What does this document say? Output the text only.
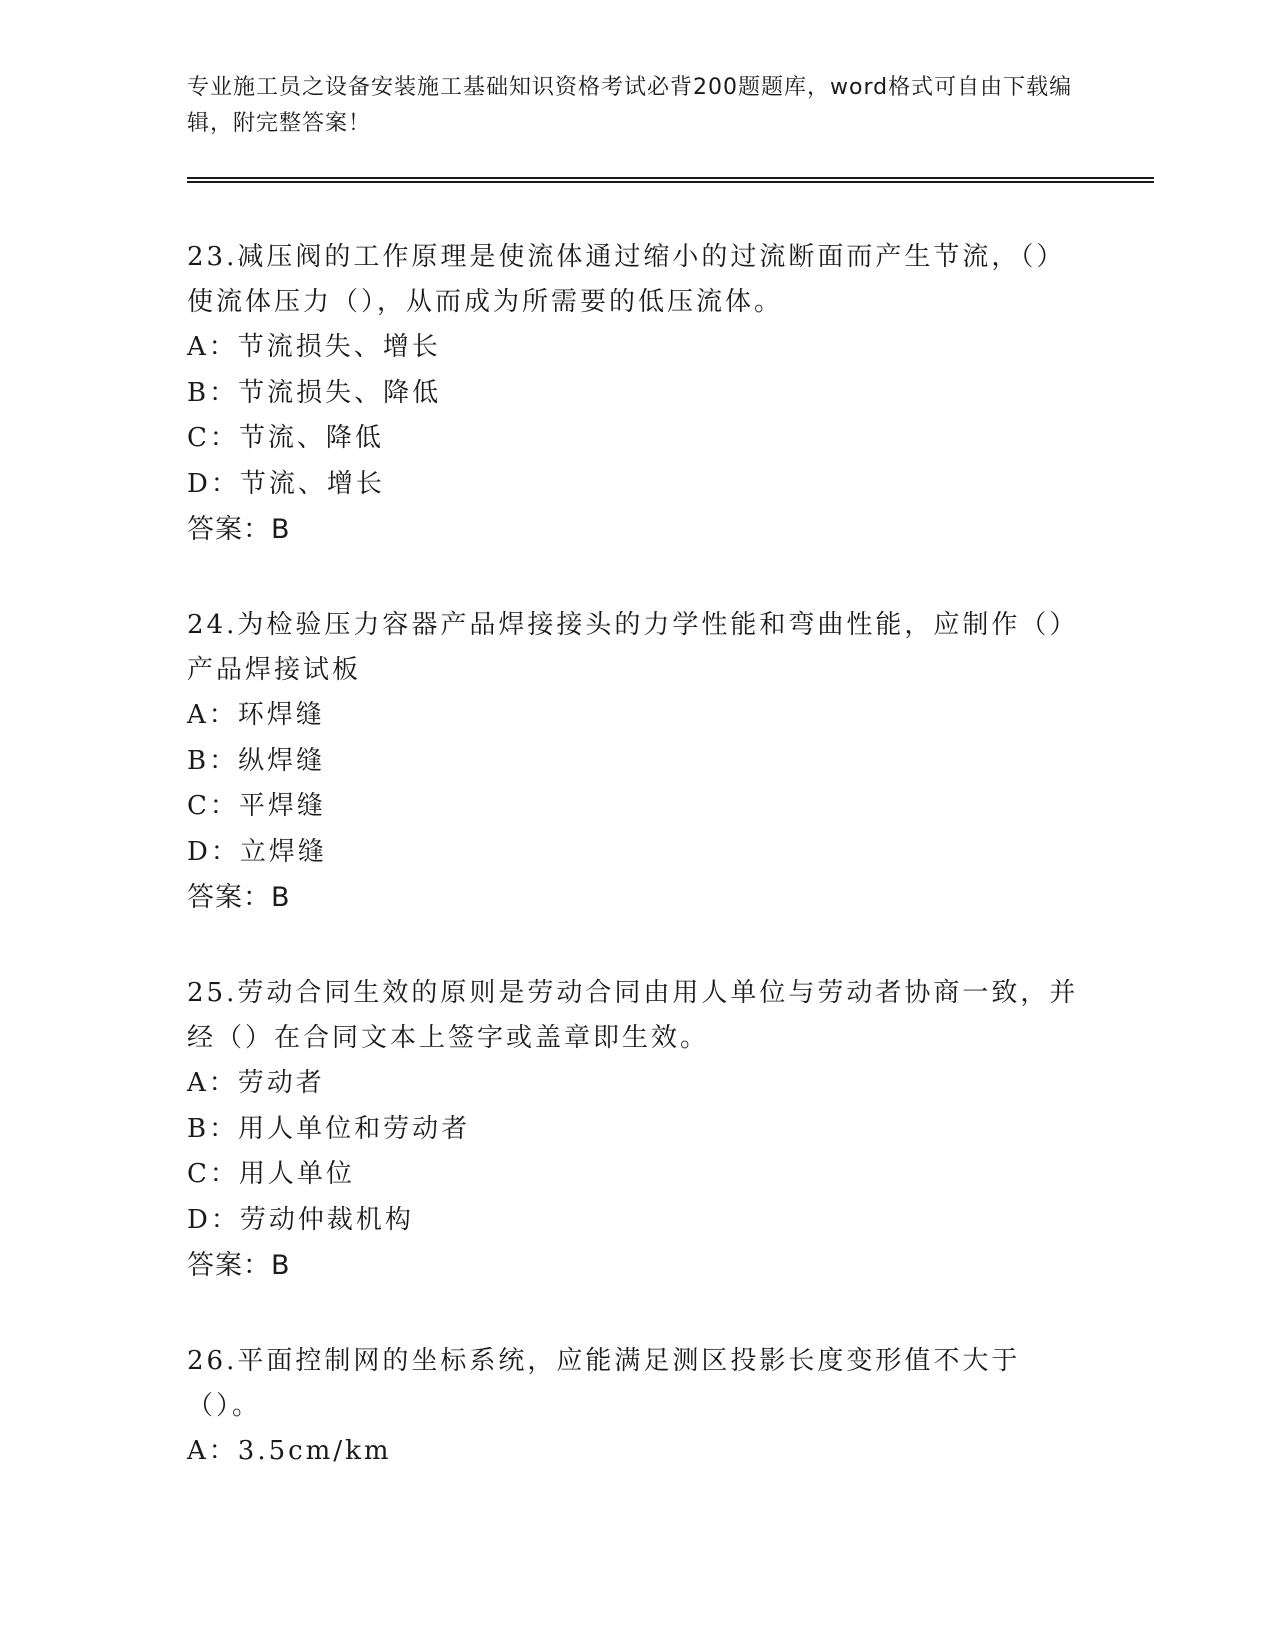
专业施工员之设备安装施工基础知识资格考试必背200题题库，word格式可自由下载编辑，附完整答案！
23.减压阀的工作原理是使流体通过缩小的过流断面而产生节流，（）使流体压力（），从而成为所需要的低压流体。
A：节流损失、增长
B：节流损失、降低
C：节流、降低
D：节流、增长
答案：B
24.为检验压力容器产品焊接接头的力学性能和弯曲性能，应制作（）产品焊接试板
A：环焊缝
B：纵焊缝
C：平焊缝
D：立焊缝
答案：B
25.劳动合同生效的原则是劳动合同由用人单位与劳动者协商一致，并经（）在合同文本上签字或盖章即生效。
A：劳动者
B：用人单位和劳动者
C：用人单位
D：劳动仲裁机构
答案：B
26.平面控制网的坐标系统，应能满足测区投影长度变形值不大于（）。
A：3.5cm/km
